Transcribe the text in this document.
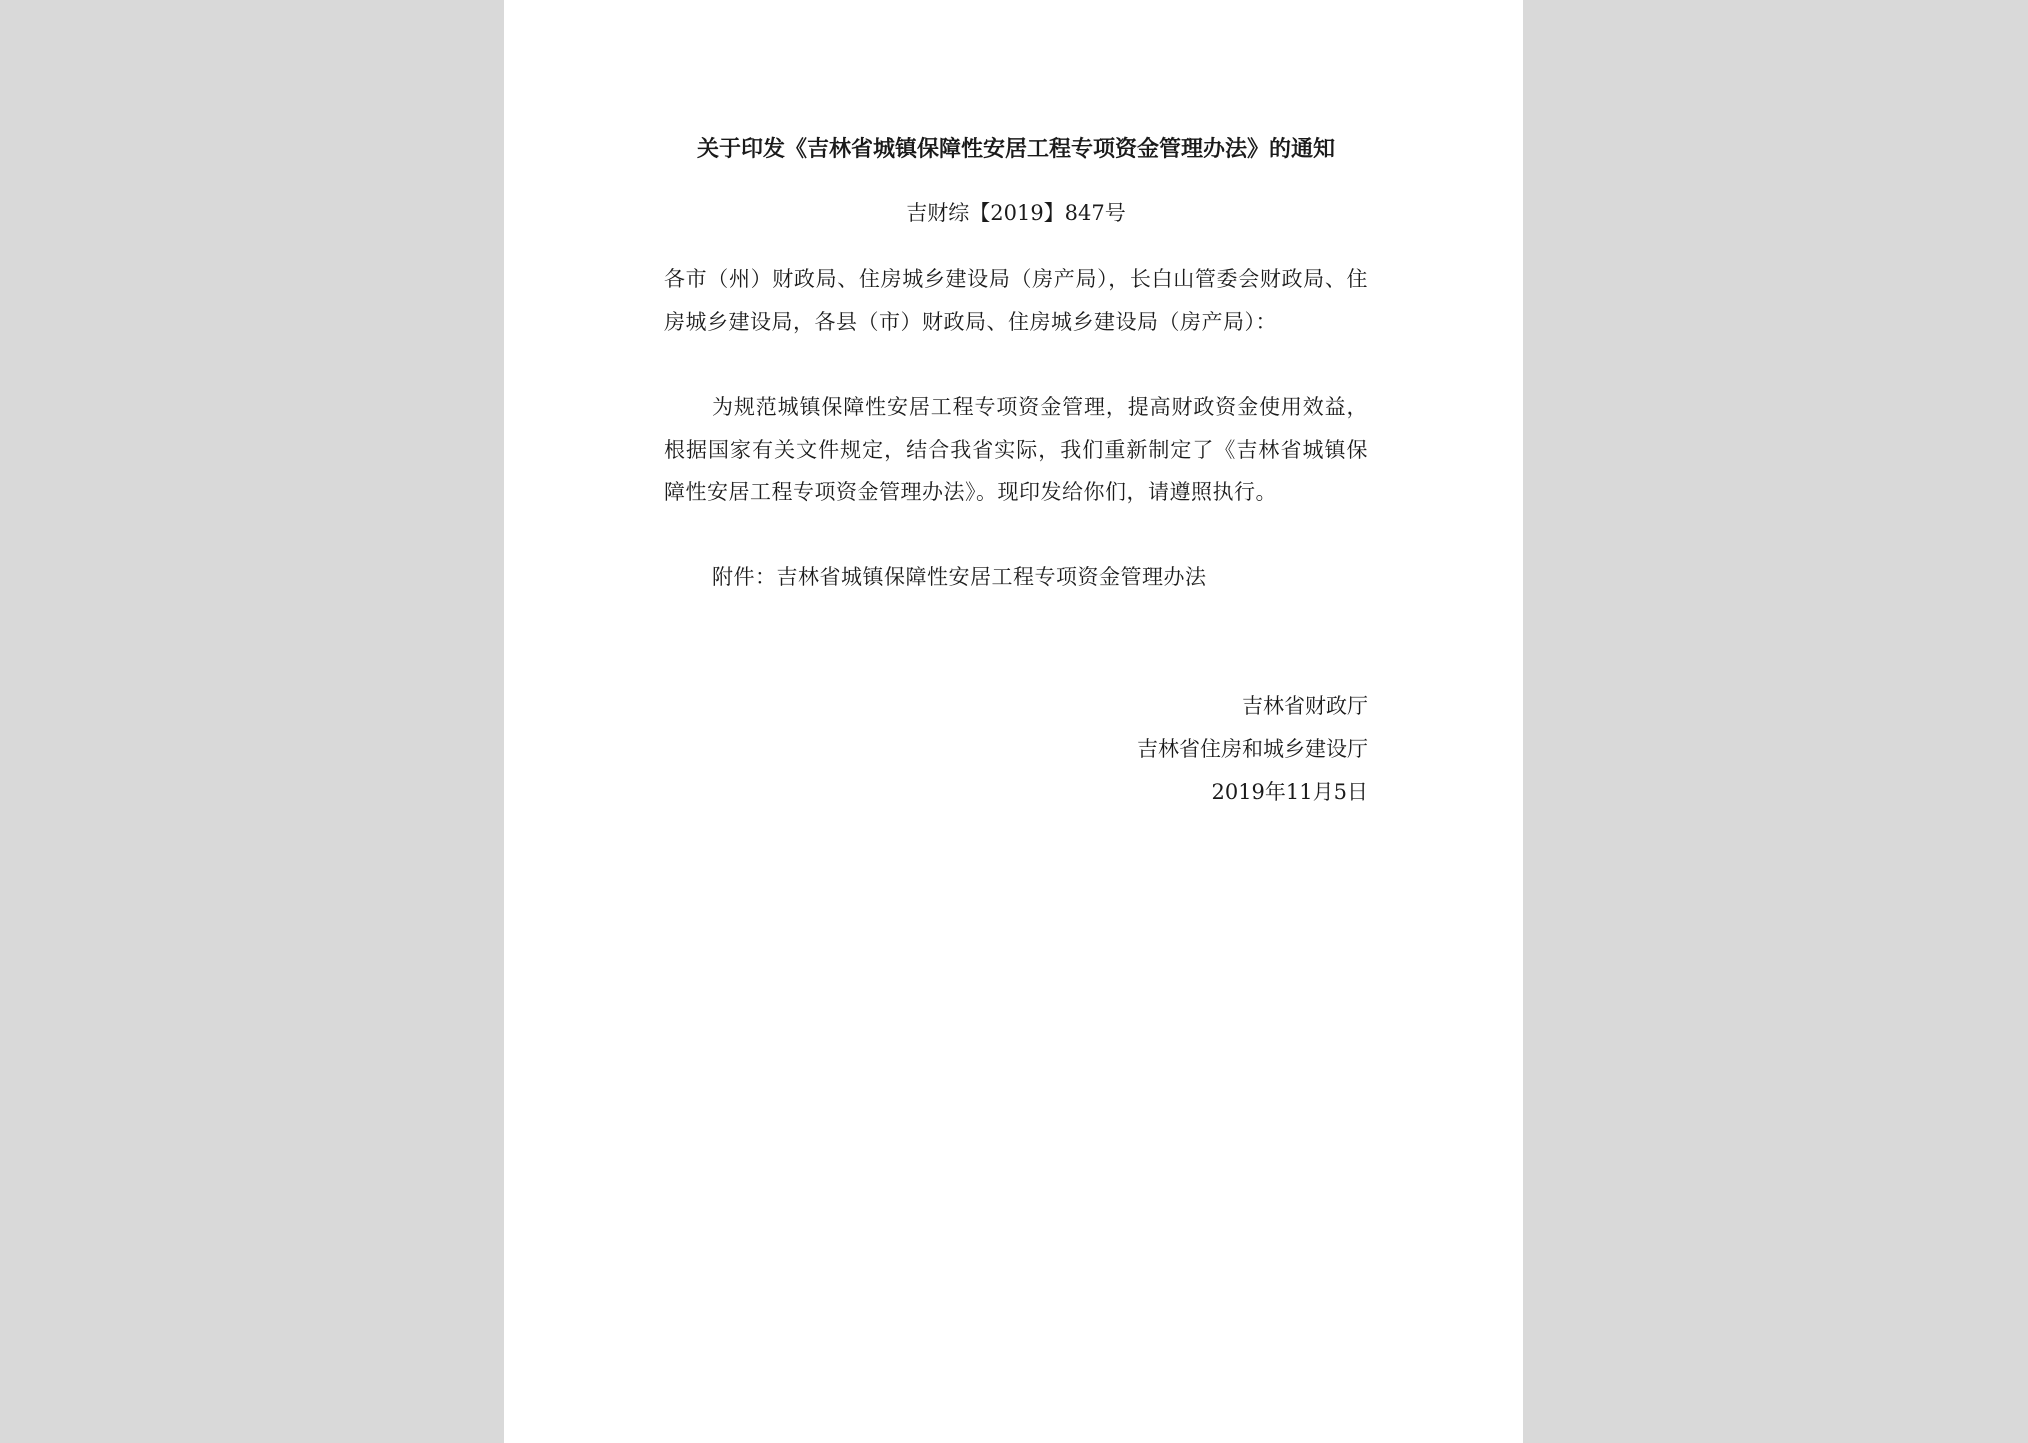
关于印发《吉林省城镇保障性安居工程专项资金管理办法》的通知
吉财综【2019】847号
各市（州）财政局、住房城乡建设局（房产局），长白山管委会财政局、住房城乡建设局，各县（市）财政局、住房城乡建设局（房产局）：
为规范城镇保障性安居工程专项资金管理，提高财政资金使用效益，根据国家有关文件规定，结合我省实际，我们重新制定了《吉林省城镇保障性安居工程专项资金管理办法》。现印发给你们，请遵照执行。
附件：吉林省城镇保障性安居工程专项资金管理办法
吉林省财政厅
吉林省住房和城乡建设厅
2019年11月5日
